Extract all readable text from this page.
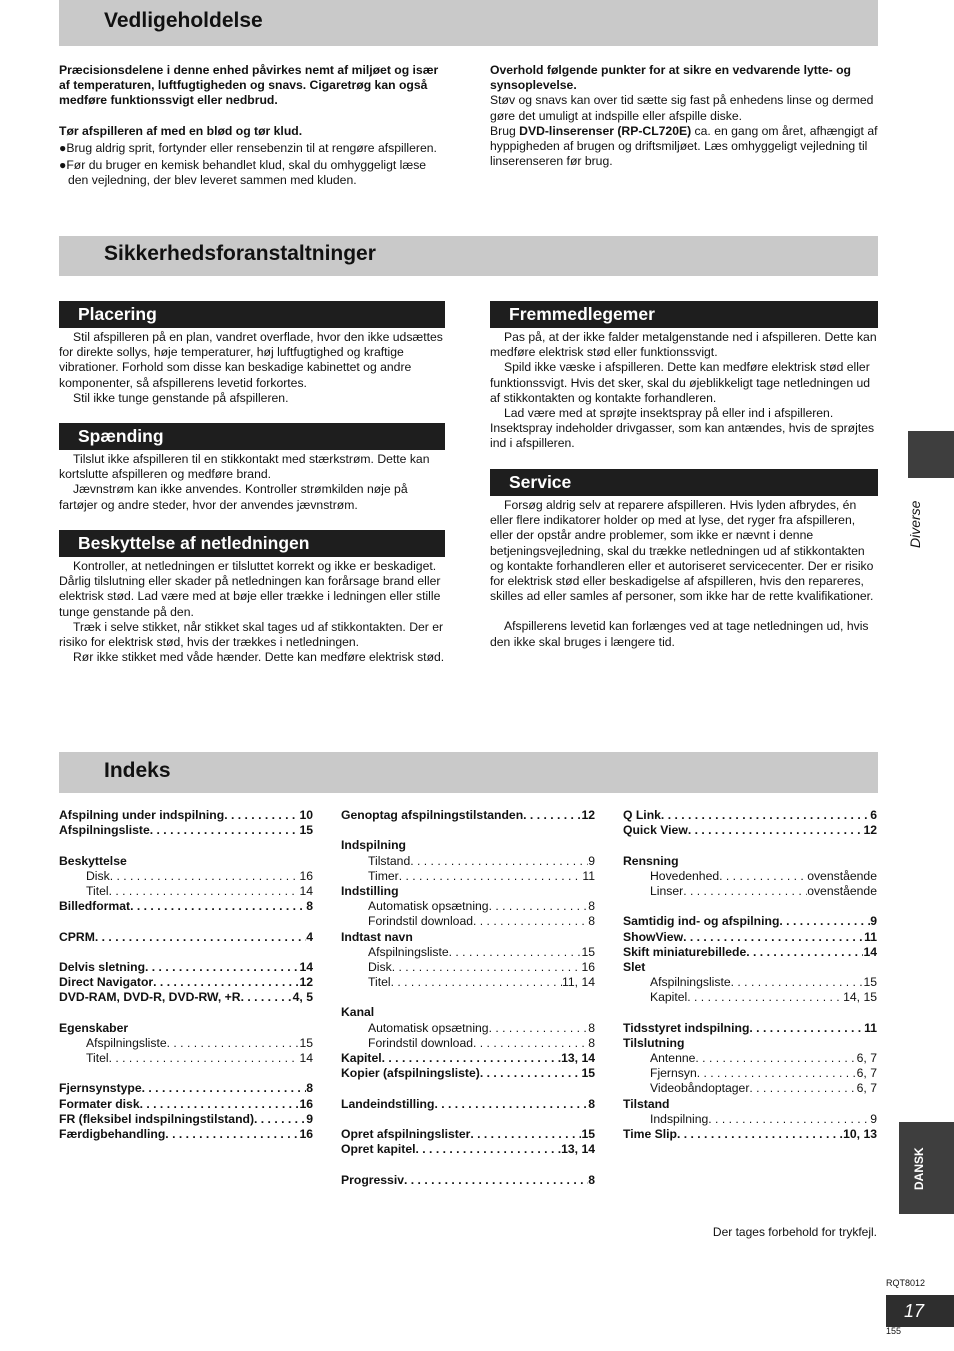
Vedligeholdelse

Præcisionsdelene i denne enhed påvirkes nemt af miljøet og især af temperaturen, luftfugtigheden og snavs. Cigaretrøg kan også medføre funktionssvigt eller nedbrud.

Tør afspilleren af med en blød og tør klud.

●Brug aldrig sprit, fortynder eller rensebenzin til at rengøre afspilleren.

●Før du bruger en kemisk behandlet klud, skal du omhyggeligt læse den vejledning, der blev leveret sammen med kluden.

Overhold følgende punkter for at sikre en vedvarende lytte- og synsoplevelse.

Støv og snavs kan over tid sætte sig fast på enhedens linse og dermed gøre det umuligt at indspille eller afspille diske.

Brug DVD-linserenser (RP-CL720E) ca. en gang om året, afhængigt af hyppigheden af brugen og driftsmiljøet. Læs omhyggeligt vejledning til linserenseren før brug.

Sikkerhedsforanstaltninger
Placering

Stil afspilleren på en plan, vandret overflade, hvor den ikke udsættes for direkte sollys, høje temperaturer, høj luftfugtighed og kraftige vibrationer. Forhold som disse kan beskadige kabinettet og andre komponenter, så afspillerens levetid forkortes.

Stil ikke tunge genstande på afspilleren.

Spænding

Tilslut ikke afspilleren til en stikkontakt med stærkstrøm. Dette kan kortslutte afspilleren og medføre brand.

Jævnstrøm kan ikke anvendes. Kontroller strømkilden nøje på fartøjer og andre steder, hvor der anvendes jævnstrøm.

Beskyttelse af netledningen

Kontroller, at netledningen er tilsluttet korrekt og ikke er beskadiget. Dårlig tilslutning eller skader på netledningen kan forårsage brand eller elektrisk stød. Lad være med at bøje eller trække i ledningen eller stille tunge genstande på den.

Træk i selve stikket, når stikket skal tages ud af stikkontakten. Der er risiko for elektrisk stød, hvis der trækkes i netledningen.

Rør ikke stikket med våde hænder. Dette kan medføre elektrisk stød.

Fremmedlegemer

Pas på, at der ikke falder metalgenstande ned i afspilleren. Dette kan medføre elektrisk stød eller funktionssvigt.

Spild ikke væske i afspilleren. Dette kan medføre elektrisk stød eller funktionssvigt. Hvis det sker, skal du øjeblikkeligt tage netledningen ud af stikkontakten og kontakte forhandleren.

Lad være med at sprøjte insektspray på eller ind i afspilleren. Insektspray indeholder drivgasser, som kan antændes, hvis de sprøjtes ind i afspilleren.

Service

Forsøg aldrig selv at reparere afspilleren. Hvis lyden afbrydes, én eller flere indikatorer holder op med at lyse, det ryger fra afspilleren, eller der opstår andre problemer, som ikke er nævnt i denne betjeningsvejledning, skal du trække netledningen ud af stikkontakten og kontakte forhandleren eller et autoriseret servicecenter. Der er risiko for elektrisk stød eller beskadigelse af afspilleren, hvis den repareres, skilles ad eller samles af personer, som ikke har de rette kvalifikationer.

Afspillerens levetid kan forlænges ved at tage netledningen ud, hvis den ikke skal bruges i længere tid.

Indeks
Afspilning under indspilning . . .	10
Afspilningsliste . . .	15
Beskyttelse
Disk . . .	16
Titel . . .	14
Billedformat . . .	8
CPRM . . .	4
Delvis sletning . . .	14
Direct Navigator . . .	12
DVD-RAM, DVD-R, DVD-RW, +R . . .	4, 5
Egenskaber
Afspilningsliste . . .	15
Titel . . .	14
Fjernsynstype . . .	8
Formater disk . . .	16
FR (fleksibel indspilningstilstand) . . .	9
Færdigbehandling . . .	16
Genoptag afspilningstilstanden . . .	12
Indspilning
Tilstand . . .	9
Timer . . .	11
Indstilling
Automatisk opsætning . . .	8
Forindstil download . . .	8
Indtast navn
Afspilningsliste . . .	15
Disk . . .	16
Titel . . .	11, 14
Kanal
Automatisk opsætning . . .	8
Forindstil download . . .	8
Kapitel . . .	13, 14
Kopier (afspilningsliste) . . .	15
Landeindstilling . . .	8
Opret afspilningslister . . .	15
Opret kapitel . . .	13, 14
Progressiv . . .	8
Q Link . . .	6
Quick View . . .	12
Rensning
Hovedenhed . . .	ovenstående
Linser . . .	ovenstående
Samtidig ind- og afspilning . . .	9
ShowView . . .	11
Skift miniaturebillede . . .	14
Slet
Afspilningsliste . . .	15
Kapitel . . .	14, 15
Tidsstyret indspilning . . .	11
Tilslutning
Antenne . . .	6, 7
Fjernsyn . . .	6, 7
Videobåndoptager . . .	6, 7
Tilstand
Indspilning . . .	9
Time Slip . . .	10, 13
Der tages forbehold for trykfejl.
RQT8012
17
155
Diverse
DANSK
